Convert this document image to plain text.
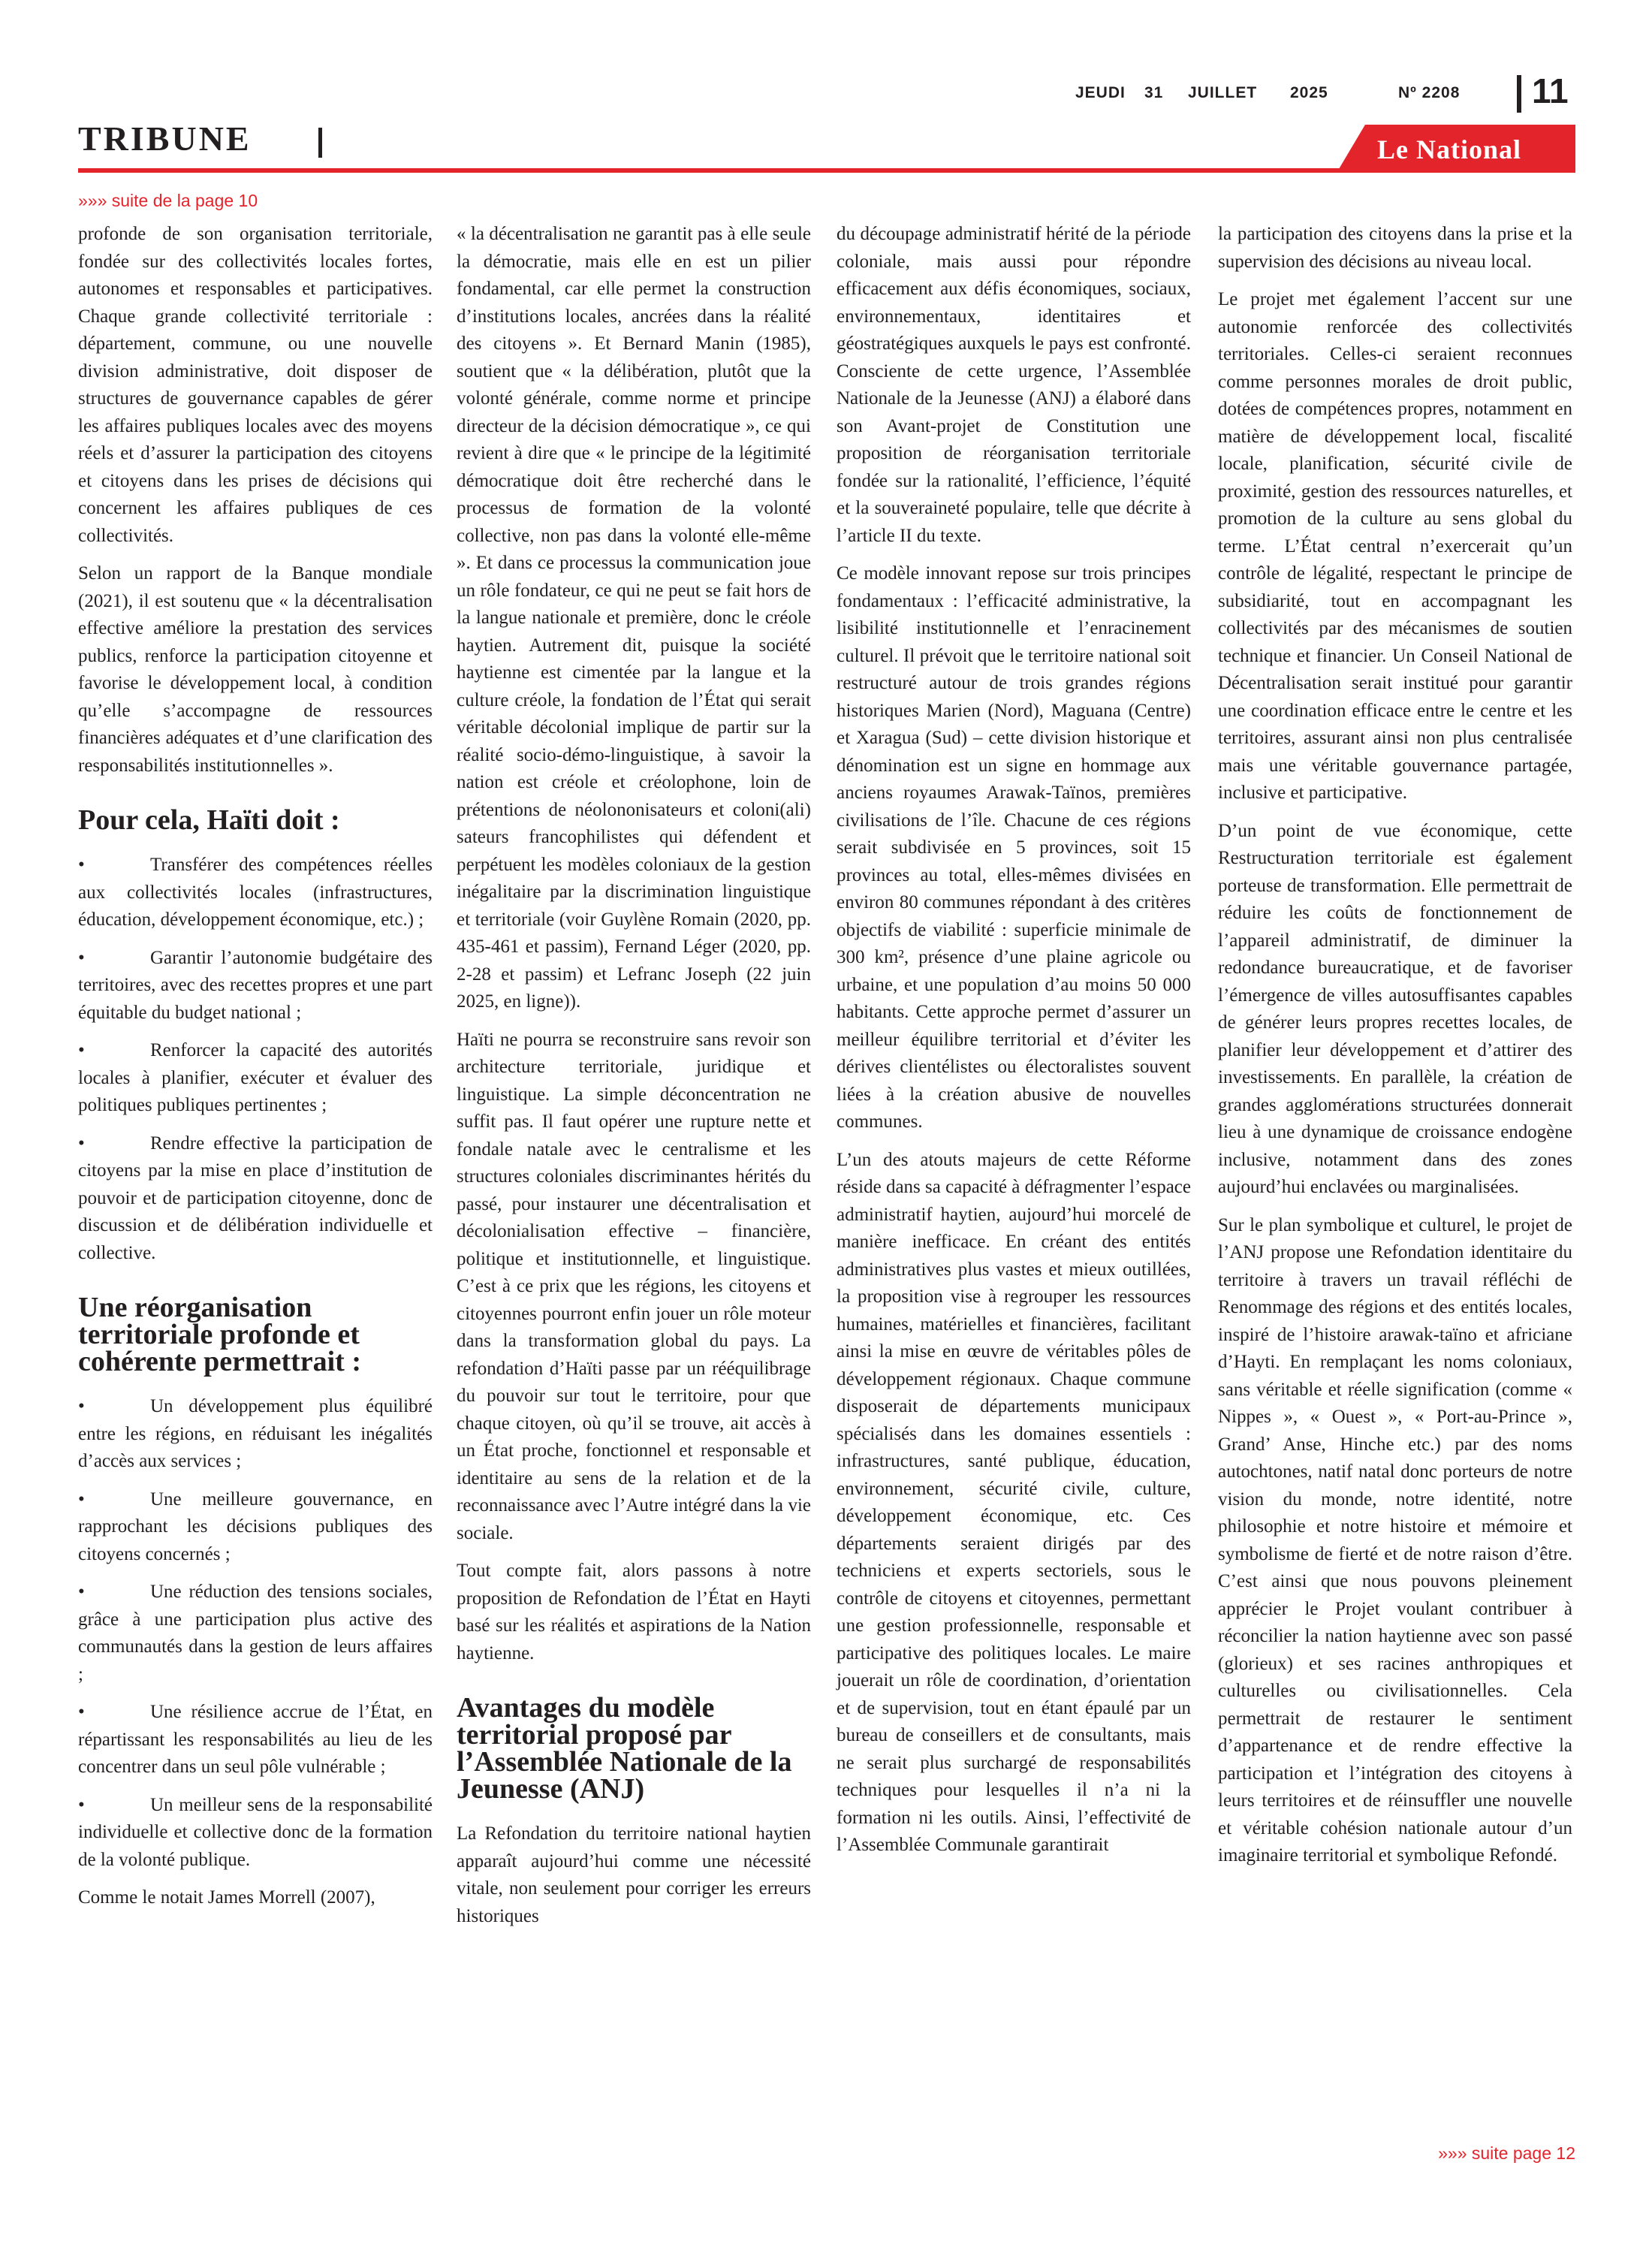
JEUDI 31 JUILLET 2025	Nº 2208 11
TRIBUNE	Le National
»»» suite de la page 10

profonde de son organisation territoriale, fondée sur des collectivités locales fortes, autonomes et responsables et participatives. Chaque grande collectivité territoriale : département, commune, ou une nouvelle division administrative, doit disposer de structures de gouvernance capables de gérer les affaires publiques locales avec des moyens réels et d’assurer la participation des citoyens et citoyens dans les prises de décisions qui concernent les affaires publiques de ces collectivités.

Selon un rapport de la Banque mondiale (2021), il est soutenu que « la décentralisation effective améliore la prestation des services publics, renforce la participation citoyenne et favorise le développement local, à condition qu’elle s’accompagne de ressources financières adéquates et d’une clarification des responsabilités institutionnelles ».

Pour cela, Haïti doit :
•	Transférer des compétences réelles aux collectivités locales (infrastructures, éducation, développement économique, etc.) ;
•	Garantir l’autonomie budgétaire des territoires, avec des recettes propres et une part équitable du budget national ;
•	Renforcer la capacité des autorités locales à planifier, exécuter et évaluer des politiques publiques pertinentes ;
•	Rendre effective la participation de citoyens par la mise en place d’institution de pouvoir et de participation citoyenne, donc de discussion et de délibération individuelle et collective.
Une réorganisation territoriale profonde et cohérente permettrait :
•	Un développement plus équilibré entre les régions, en réduisant les inégalités d’accès aux services ;
•	Une meilleure gouvernance, en rapprochant les décisions publiques des citoyens concernés ;
•	Une réduction des tensions sociales, grâce à une participation plus active des communautés dans la gestion de leurs affaires ;
•	Une résilience accrue de l’État, en répartissant les responsabilités au lieu de les concentrer dans un seul pôle vulnérable ;
•	Un meilleur sens de la responsabilité individuelle et collective donc de la formation de la volonté publique.

Comme le notait James Morrell (2007),

« la décentralisation ne garantit pas à elle seule la démocratie, mais elle en est un pilier fondamental, car elle permet la construction d’institutions locales, ancrées dans la réalité des citoyens ». Et Bernard Manin (1985), soutient que « la délibération, plutôt que la volonté générale, comme norme et principe directeur de la décision démocratique », ce qui revient à dire que « le principe de la légitimité démocratique doit être recherché dans le processus de formation de la volonté collective, non pas dans la volonté elle-même ». Et dans ce processus la communication joue un rôle fondateur, ce qui ne peut se fait hors de la langue nationale et première, donc le créole haytien. Autrement dit, puisque la société haytienne est cimentée par la langue et la culture créole, la fondation de l’État qui serait véritable décolonial implique de partir sur la réalité socio-démo-linguistique, à savoir la nation est créole et créolophone, loin de prétentions de néolononisateurs et coloni(ali) sateurs francophilistes qui défendent et perpétuent les modèles coloniaux de la gestion inégalitaire par la discrimination linguistique et territoriale (voir Guylène Romain (2020, pp. 435-461 et passim), Fernand Léger (2020, pp. 2-28 et passim) et Lefranc Joseph (22 juin 2025, en ligne)).

Haïti ne pourra se reconstruire sans revoir son architecture territoriale, juridique et linguistique. La simple déconcentration ne suffit pas. Il faut opérer une rupture nette et fondale natale avec le centralisme et les structures coloniales discriminantes hérités du passé, pour instaurer une décentralisation et décolonialisation effective – financière, politique et institutionnelle, et linguistique. C’est à ce prix que les régions, les citoyens et citoyennes pourront enfin jouer un rôle moteur dans la transformation global du pays. La refondation d’Haïti passe par un rééquilibrage du pouvoir sur tout le territoire, pour que chaque citoyen, où qu’il se trouve, ait accès à un État proche, fonctionnel et responsable et identitaire au sens de la relation et de la reconnaissance avec l’Autre intégré dans la vie sociale.

Tout compte fait, alors passons à notre proposition de Refondation de l’État en Hayti basé sur les réalités et aspirations de la Nation haytienne.

Avantages du modèle territorial proposé par l’Assemblée Nationale de la Jeunesse (ANJ)

La Refondation du territoire national haytien apparaît aujourd’hui comme une nécessité vitale, non seulement pour corriger les erreurs historiques

du découpage administratif hérité de la période coloniale, mais aussi pour répondre efficacement aux défis économiques, sociaux, environnementaux, identitaires et géostratégiques auxquels le pays est confronté. Consciente de cette urgence, l’Assemblée Nationale de la Jeunesse (ANJ) a élaboré dans son Avant-projet de Constitution une proposition de réorganisation territoriale fondée sur la rationalité, l’efficience, l’équité et la souveraineté populaire, telle que décrite à l’article II du texte.

Ce modèle innovant repose sur trois principes fondamentaux : l’efficacité administrative, la lisibilité institutionnelle et l’enracinement culturel. Il prévoit que le territoire national soit restructuré autour de trois grandes régions historiques Marien (Nord), Maguana (Centre) et Xaragua (Sud) – cette division historique et dénomination est un signe en hommage aux anciens royaumes Arawak-Taïnos, premières civilisations de l’île. Chacune de ces régions serait subdivisée en 5 provinces, soit 15 provinces au total, elles-mêmes divisées en environ 80 communes répondant à des critères objectifs de viabilité : superficie minimale de 300 km², présence d’une plaine agricole ou urbaine, et une population d’au moins 50 000 habitants. Cette approche permet d’assurer un meilleur équilibre territorial et d’éviter les dérives clientélistes ou électoralistes souvent liées à la création abusive de nouvelles communes.

L’un des atouts majeurs de cette Réforme réside dans sa capacité à défragmenter l’espace administratif haytien, aujourd’hui morcelé de manière inefficace. En créant des entités administratives plus vastes et mieux outillées, la proposition vise à regrouper les ressources humaines, matérielles et financières, facilitant ainsi la mise en œuvre de véritables pôles de développement régionaux. Chaque commune disposerait de départements municipaux spécialisés dans les domaines essentiels : infrastructures, santé publique, éducation, environnement, sécurité civile, culture, développement économique, etc. Ces départements seraient dirigés par des techniciens et experts sectoriels, sous le contrôle de citoyens et citoyennes, permettant une gestion professionnelle, responsable et participative des politiques locales. Le maire jouerait un rôle de coordination, d’orientation et de supervision, tout en étant épaulé par un bureau de conseillers et de consultants, mais ne serait plus surchargé de responsabilités techniques pour lesquelles il n’a ni la formation ni les outils. Ainsi, l’effectivité de l’Assemblée Communale garantirait

la participation des citoyens dans la prise et la supervision des décisions au niveau local.

Le projet met également l’accent sur une autonomie renforcée des collectivités territoriales. Celles-ci seraient reconnues comme personnes morales de droit public, dotées de compétences propres, notamment en matière de développement local, fiscalité locale, planification, sécurité civile de proximité, gestion des ressources naturelles, et promotion de la culture au sens global du terme. L’État central n’exercerait qu’un contrôle de légalité, respectant le principe de subsidiarité, tout en accompagnant les collectivités par des mécanismes de soutien technique et financier. Un Conseil National de Décentralisation serait institué pour garantir une coordination efficace entre le centre et les territoires, assurant ainsi non plus centralisée mais une véritable gouvernance partagée, inclusive et participative.

D’un point de vue économique, cette Restructuration territoriale est également porteuse de transformation. Elle permettrait de réduire les coûts de fonctionnement de l’appareil administratif, de diminuer la redondance bureaucratique, et de favoriser l’émergence de villes autosuffisantes capables de générer leurs propres recettes locales, de planifier leur développement et d’attirer des investissements. En parallèle, la création de grandes agglomérations structurées donnerait lieu à une dynamique de croissance endogène inclusive, notamment dans des zones aujourd’hui enclavées ou marginalisées.

Sur le plan symbolique et culturel, le projet de l’ANJ propose une Refondation identitaire du territoire à travers un travail réfléchi de Renommage des régions et des entités locales, inspiré de l’histoire arawak-taïno et africiane d’Hayti. En remplaçant les noms coloniaux, sans véritable et réelle signification (comme « Nippes », « Ouest », « Port-au-Prince », Grand’ Anse, Hinche etc.) par des noms autochtones, natif natal donc porteurs de notre vision du monde, notre identité, notre philosophie et notre histoire et mémoire et symbolisme de fierté et de notre raison d’être. C’est ainsi que nous pouvons pleinement apprécier le Projet voulant contribuer à réconcilier la nation haytienne avec son passé (glorieux) et ses racines anthropiques et culturelles ou civilisationnelles. Cela permettrait de restaurer le sentiment d’appartenance et de rendre effective la participation et l’intégration des citoyens à leurs territoires et de réinsuffler une nouvelle et véritable cohésion nationale autour d’un imaginaire territorial et symbolique Refondé.

»»» suite page 12
